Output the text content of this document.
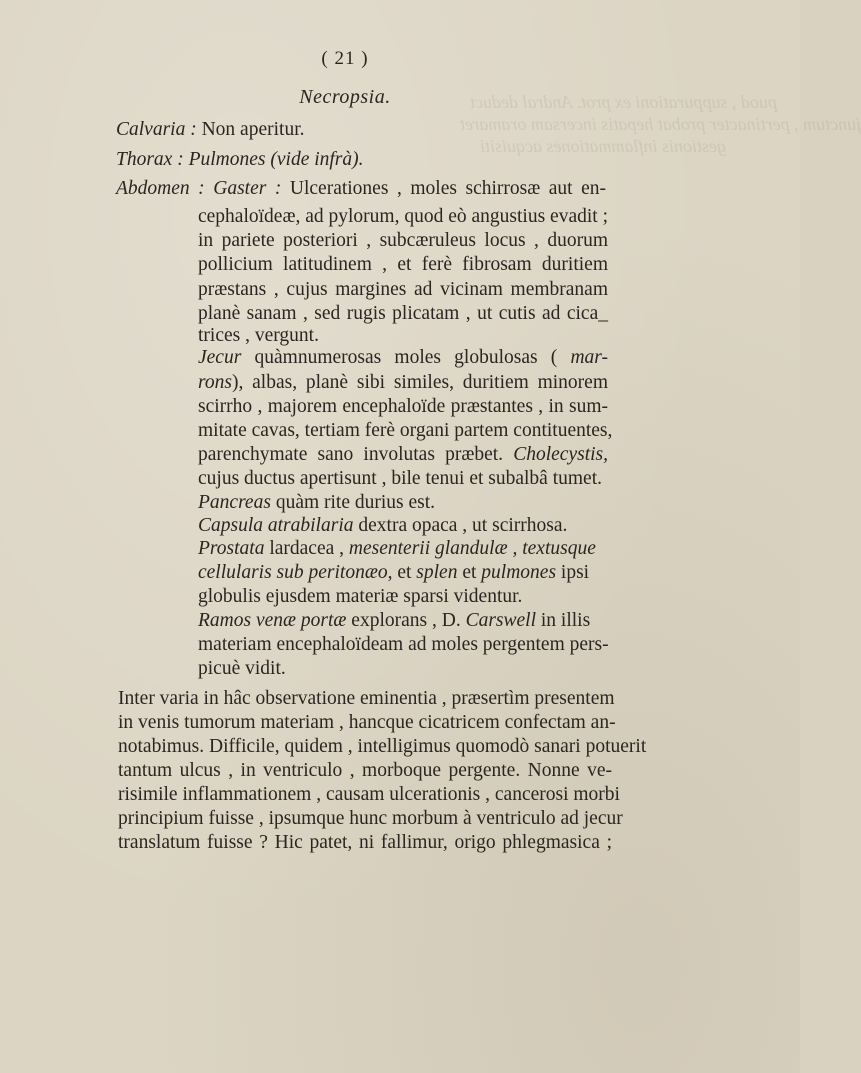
puod , suppurationi ex prot. Andral deduct
junctum , pertinacter probat hepatis incersam oramaret
gestionis inflammationes acquisiti
( 21 )
Necropsia.
Calvaria : Non aperitur.
Thorax : Pulmones (vide infrà).
Abdomen : Gaster : Ulcerationes , moles schirrosæ aut en-
cephaloïdeæ, ad pylorum, quod eò angustius evadit ;
in pariete posteriori , subcæruleus locus , duorum
pollicium latitudinem , et ferè fibrosam duritiem
præstans , cujus margines ad vicinam membranam
planè sanam , sed rugis plicatam , ut cutis ad cica_
trices , vergunt.
Jecur quàmnumerosas moles globulosas ( mar-
rons), albas, planè sibi similes, duritiem minorem
scirrho , majorem encephaloïde præstantes , in sum-
mitate cavas, tertiam ferè organi partem contituentes,
parenchymate sano involutas præbet. Cholecystis,
cujus ductus apertisunt , bile tenui et subalbâ tumet.
Pancreas quàm rite durius est.
Capsula atrabilaria dextra opaca , ut scirrhosa.
Prostata lardacea , mesenterii glandulæ , textusque
cellularis sub peritonæo, et splen et pulmones ipsi
globulis ejusdem materiæ sparsi videntur.
Ramos venæ portæ explorans , D. Carswell in illis
materiam encephaloïdeam ad moles pergentem pers-
picuè vidit.
Inter varia in hâc observatione eminentia , præsertìm presentem
in venis tumorum materiam , hancque cicatricem confectam an-
notabimus. Difficile, quidem , intelligimus quomodò sanari potuerit
tantum ulcus , in ventriculo , morboque pergente. Nonne ve-
risimile inflammationem , causam ulcerationis , cancerosi morbi
principium fuisse , ipsumque hunc morbum à ventriculo ad jecur
translatum fuisse ? Hic patet, ni fallimur, origo phlegmasica ;
